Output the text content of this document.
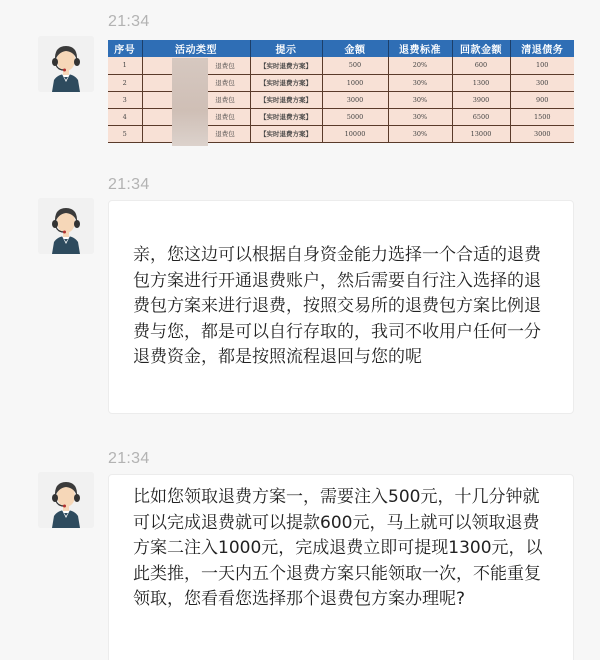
21:34
序号	活动类型	提示	金额	退费标准	回款金额	清退债务
1	退费包	【实时退费方案】	500	20%	600	100
2	退费包	【实时退费方案】	1000	30%	1300	300
3	退费包	【实时退费方案】	3000	30%	3900	900
4	退费包	【实时退费方案】	5000	30%	6500	1500
5	退费包	【实时退费方案】	10000	30%	13000	3000
21:34

亲，您这边可以根据自身资金能力选择一个合适的退费包方案进行开通退费账户，然后需要自行注入选择的退费包方案来进行退费，按照交易所的退费包方案比例退费与您，都是可以自行存取的，我司不收用户任何一分退费资金，都是按照流程退回与您的呢

21:34

比如您领取退费方案一，需要注入500元，十几分钟就可以完成退费就可以提款600元，马上就可以领取退费方案二注入1000元，完成退费立即可提现1300元，以此类推，一天内五个退费方案只能领取一次，不能重复领取，您看看您选择那个退费包方案办理呢?
